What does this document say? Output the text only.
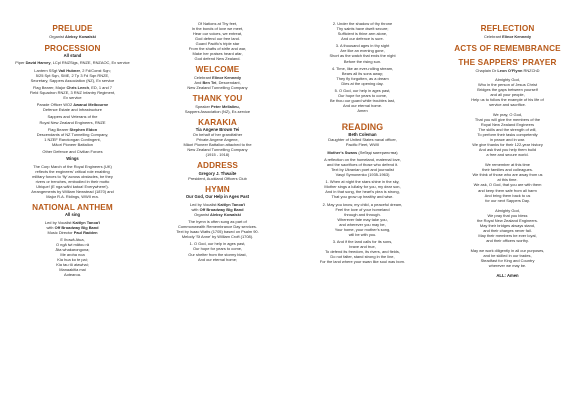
PRELUDE
Organist Aleksy Kowalski
PROCESSION
All stand
Piper David Harvey, LCpl RNZSigs, RNZE, RNZAOC, Ex service
Lantern SSgt Vail Hubner, 2 Fd/Const Sqn;
5/25 Spt Sqn, SME, 2 Tp 3 Fd Sqn RNZE,
Secretary, Sappers Association (NZ), Ex service
Flag Bearer, Major Chris Leech, ED, 1 and 7
Field Squadron RNZE, 3 RNZ Infantry Regiment,
Ex service
Parade Officer WO2 Awanui Melbourne
Defence Estate and Infrastructure
Sappers and Veterans of the
Royal New Zealand Engineers, RNZE
Flag Bearer Stephen Eldon
Descendants of NZ Tunnelling Company,
1 NZEF Rarotongan Contingent,
Māori Pioneer Battalion
Other Defence and Civilian Forces
Wings
The Corp March of the Royal Engineers (UK)
reflects the engineers' critical role enabling
military forces to 'fly' across obstacles, be they
rivers or trenches, embodied in their motto
Ubique! (E nga wāhi katoa! Everywhere!).
Arrangements by William Newstead (1870) and
Major R.A. Ridings, WWII era.
NATIONAL ANTHEM
All sing
Led by Vocalist Kaitlyn Tanoa'i
with Off Broadway Big Band
Music Director Paul Radden
E Ihowā Atua,
O ngā iwi mātou rā
Āta whakarongona;
Me aroha noa
Kia hua ko te pai;
Kia tau tō atawhai;
Manaakitia mai
Aotearoa.
Of Nations at Thy feet,
In the bonds of love we meet,
Hear our voices, we entreat,
God defend our free land.
Guard Pacific's triple star
From the shafts of strife and war,
Make her praises heard afar,
God defend New Zealand.
WELCOME
Celebrant Elinor Kennedy
And Ben Tei, Descendant,
New Zealand Tunnelling Company
THANK YOU
Speaker Peter Mellalieu,
Sappers Association (NZ), Ex-service
KARAKIA
Tia Angene Brown Tei
On behalf of her grandfather
Private Angene Angene,
Māori Pioneer Battalion attached to the
New Zealand Tunnelling Company
(1915 - 1918)
ADDRESS
Gregory J. Thwaite
President, Auckland Officers Club
HYMN
Our God, Our Help in Ages Past
Led by Vocalist Kaitlyn Tanoa'i
with Off Broadway Big Band
Organist Aleksy Kowalski
The hymn is often sung as part of
Commonwealth Remembrance Day services.
Text by Isaac Watts (1705) based on Psalm 90.
Melody 'St Anne' by William Croft (1708).
1. O God, our help in ages past,
Our hope for years to come,
Our shelter from the stormy blast,
And our eternal home;
2. Under the shadow of thy throne
Thy saints have dwelt secure;
Sufficient is thine arm alone,
And our defence is sure.
3. A thousand ages in thy sight
Are like an evening gone,
Short as the watch that ends the night
Before the rising sun.
4. Time, like an ever-rolling stream,
Bears all its sons away;
They fly forgotten, as a dream
Dies at the opening day.
5. O God, our help in ages past,
Our hope for years to come,
Be thou our guard while troubles last,
And our eternal home.
Amen
READING
Beth Coleman
Daughter of United States naval officer,
Pacific Fleet, WWII
Mother's Swans (Лебеді материнства)
A reflection on the homeland, maternal love,
and the sacrifices of those who defend it.
Text by Ukranian poet and journalist
Vasyl Symonenko (1935-1963)
1. When at night the stars shine in the sky,
Mother sings a lullaby for you, my dear son,
And in that song, the heart's plea is strong,
That you grow up healthy and wise.
2. May you know, my child, a peaceful dream,
Feel the love of your homeland
through and through.
Wherever fate may take you,
and wherever you may be,
Your home, your mother's song,
will be with you.
3. And if the land calls for its sons,
brave and true,
To defend its freedom, its rivers, and fields,
Do not falter, stand strong in the line,
For the land where your swan like soul was born.
REFLECTION
Celebrant Elinor Kennedy
ACTS OF REMEMBRANCE
THE SAPPERS' PRAYER
Chaplain Dr Leon O'Flynn RNZChD
Almighty God,
Who in the person of Jesus Christ
Bridges the gaps between yourself
and all your people,
Help us to follow the example of his life of
service and sacrifice.
We pray, O God,
That you will give the members of the
Royal New Zealand Engineers
The skills and the strength of will,
To perform their tasks competently
in peace and in war.
We give thanks for their 122-year history
And ask that you help them build
a free and secure world.
We remember at this time
their families and colleagues.
We think of those who are away from us
at this time.
We ask, O God, that you are with them
and keep them safe from all harm
And bring them back to us
for our next Sappers Day.
Almighty God,
We pray that you bless
the Royal New Zealand Engineers.
May their bridges always stand,
and their charges never fail.
May their members be ever loyal,
and their officers worthy.
May we work diligently in all our purposes,
and be skilled in our trades,
Steadfast for King and Country
wherever we may be.
ALL: Amen
